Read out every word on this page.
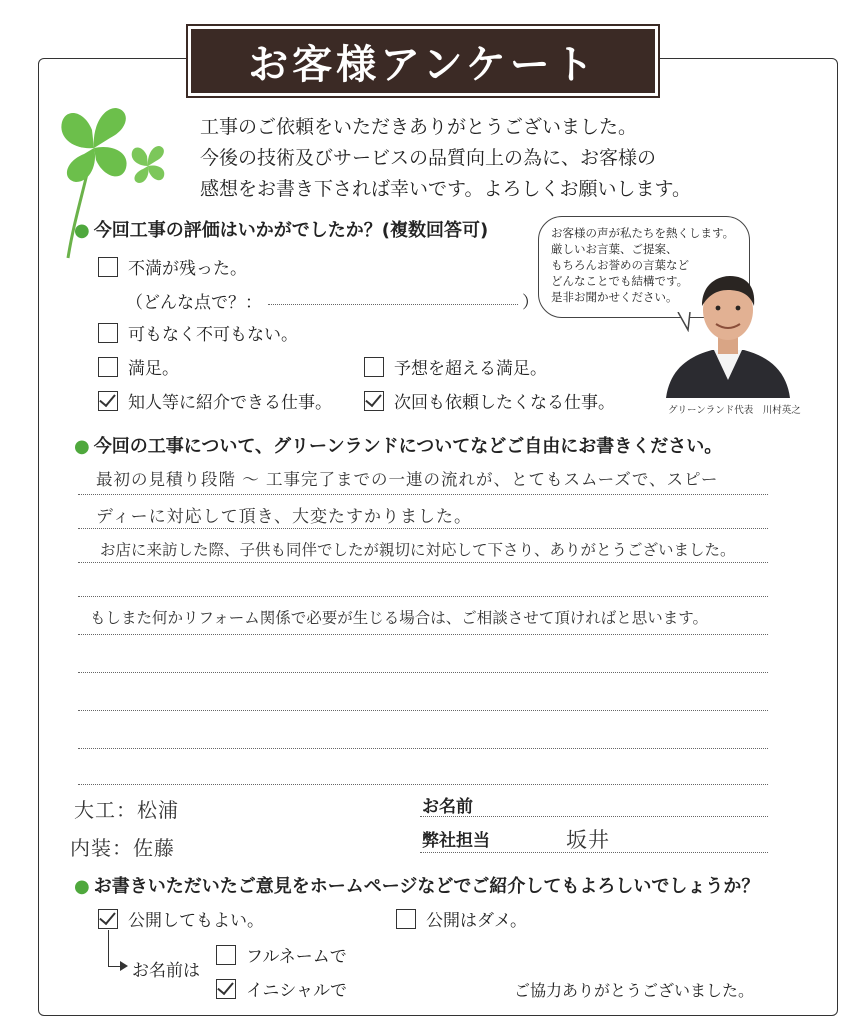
お客様アンケート
工事のご依頼をいただきありがとうございました。
今後の技術及びサービスの品質向上の為に、お客様の
感想をお書き下されば幸いです。よろしくお願いします。
● 今回工事の評価はいかがでしたか？(複数回答可)
不満が残った。
（どんな点で？：	）
可もなく不可もない。
満足。	予想を超える満足。
知人等に紹介できる仕事。	次回も依頼したくなる仕事。
お客様の声が私たちを熱くします。
厳しいお言葉、ご提案、
もちろんお誉めの言葉など
どんなことでも結構です。
是非お聞かせください。
グリーンランド代表　川村英之
● 今回の工事について、グリーンランドについてなどご自由にお書きください。
最初の見積り段階 ～ 工事完了までの一連の流れが、とてもスムーズで、スピー
ディーに対応して頂き、大変たすかりました。
お店に来訪した際、子供も同伴でしたが親切に対応して下さり、ありがとうございました。
もしまた何かリフォーム関係で必要が生じる場合は、ご相談させて頂ければと思います。
大工：松浦
内装：佐藤
お名前
弊社担当	坂井
● お書きいただいたご意見をホームページなどでご紹介してもよろしいでしょうか？
公開してもよい。	公開はダメ。
お名前は
フルネームで
イニシャルで	ご協力ありがとうございました。
